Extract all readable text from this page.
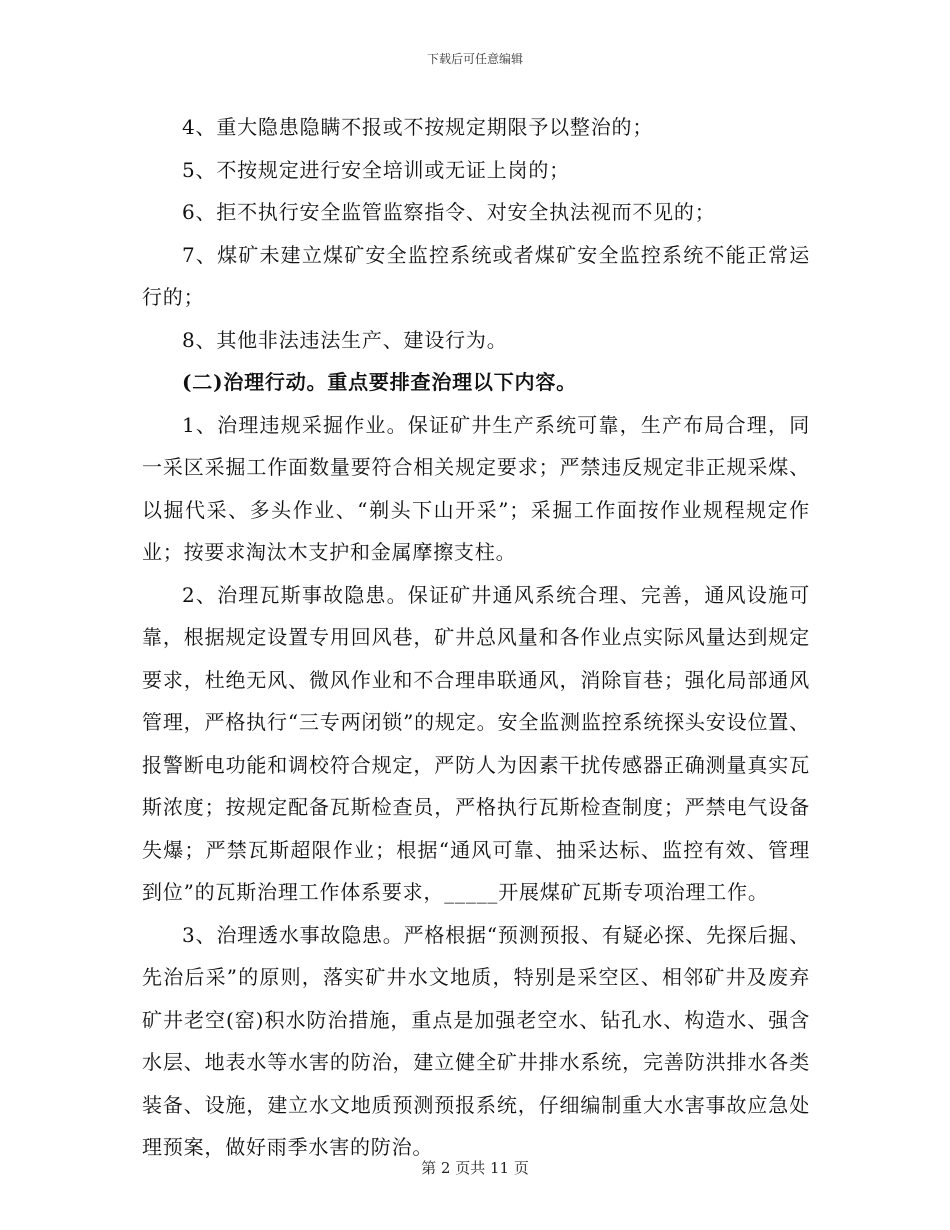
下载后可任意编辑

4、重大隐患隐瞒不报或不按规定期限予以整治的；

5、不按规定进行安全培训或无证上岗的；

6、拒不执行安全监管监察指令、对安全执法视而不见的；

7、煤矿未建立煤矿安全监控系统或者煤矿安全监控系统不能正常运行的；

8、其他非法违法生产、建设行为。

(二)治理行动。重点要排查治理以下内容。

1、治理违规采掘作业。保证矿井生产系统可靠，生产布局合理，同一采区采掘工作面数量要符合相关规定要求；严禁违反规定非正规采煤、以掘代采、多头作业、“剃头下山开采”；采掘工作面按作业规程规定作业；按要求淘汰木支护和金属摩擦支柱。

2、治理瓦斯事故隐患。保证矿井通风系统合理、完善，通风设施可靠，根据规定设置专用回风巷，矿井总风量和各作业点实际风量达到规定要求，杜绝无风、微风作业和不合理串联通风，消除盲巷；强化局部通风管理，严格执行“三专两闭锁”的规定。安全监测监控系统探头安设位置、报警断电功能和调校符合规定，严防人为因素干扰传感器正确测量真实瓦斯浓度；按规定配备瓦斯检查员，严格执行瓦斯检查制度；严禁电气设备失爆；严禁瓦斯超限作业；根据“通风可靠、抽采达标、监控有效、管理到位”的瓦斯治理工作体系要求，_____开展煤矿瓦斯专项治理工作。

3、治理透水事故隐患。严格根据“预测预报、有疑必探、先探后掘、先治后采”的原则，落实矿井水文地质，特别是采空区、相邻矿井及废弃矿井老空(窑)积水防治措施，重点是加强老空水、钻孔水、构造水、强含水层、地表水等水害的防治，建立健全矿井排水系统，完善防洪排水各类装备、设施，建立水文地质预测预报系统，仔细编制重大水害事故应急处理预案，做好雨季水害的防治。

第 2 页共 11 页
